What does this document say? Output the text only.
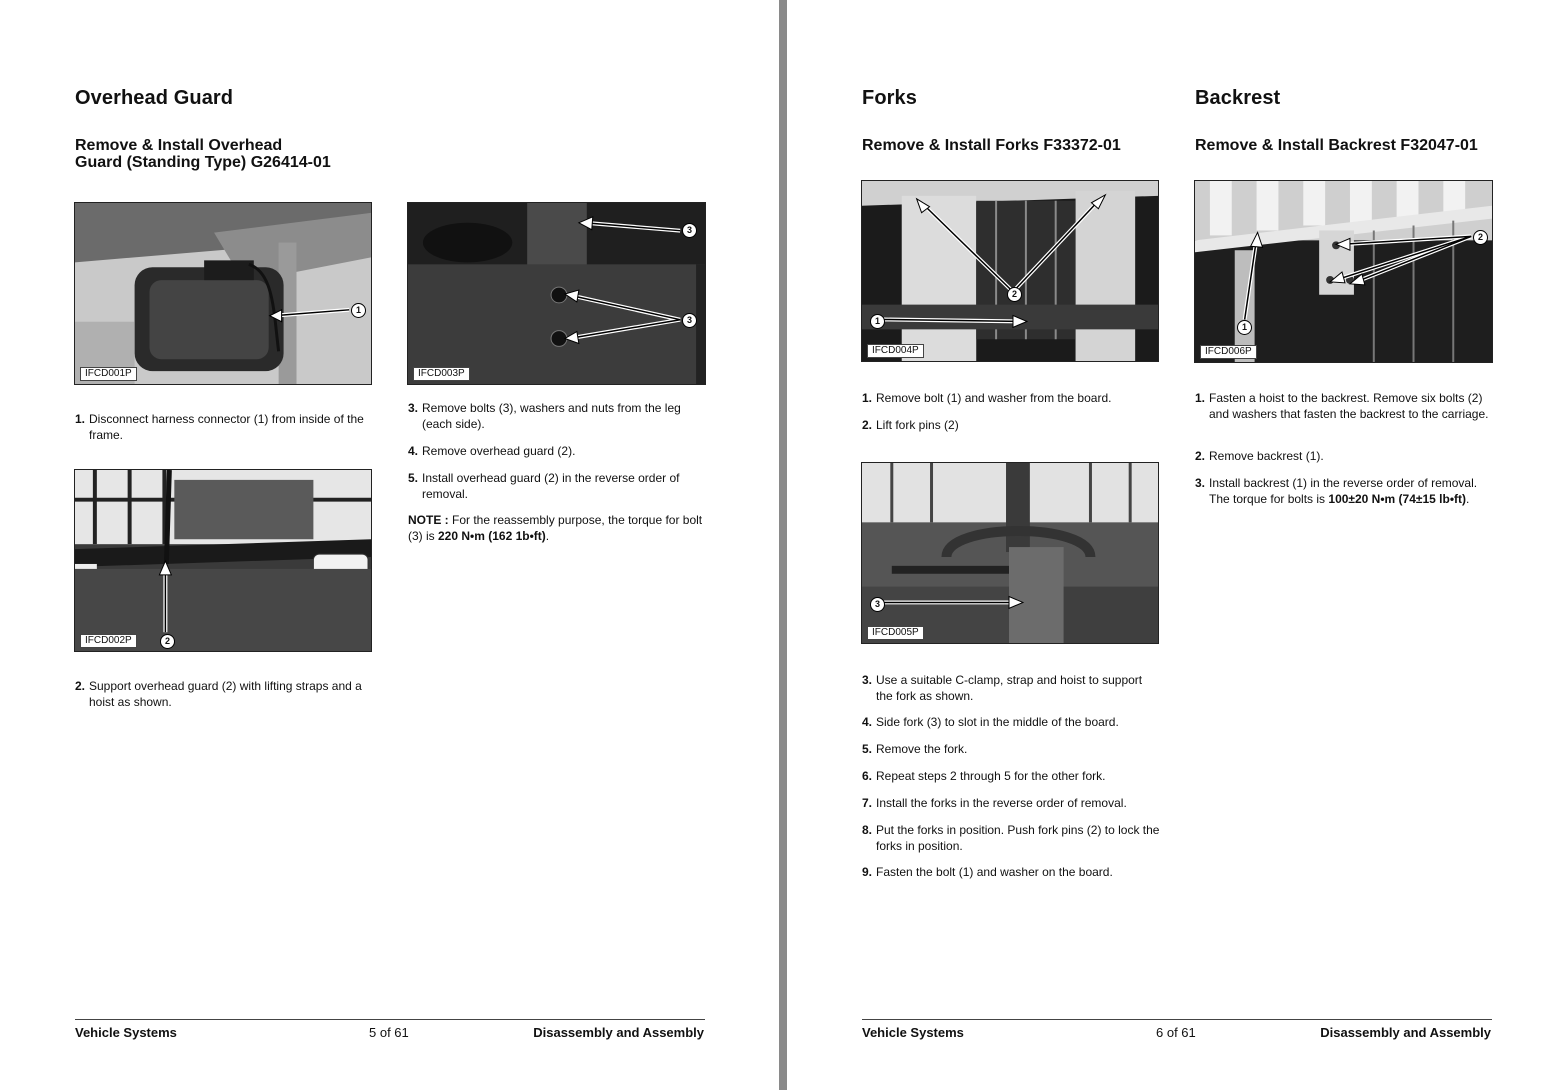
Overhead Guard
Remove & Install Overhead
Guard (Standing Type) G26414-01
1
IFCD001P
1. Disconnect harness connector (1) from inside of the frame.
2
IFCD002P
2. Support overhead guard (2) with lifting straps and a hoist as shown.
3
3
IFCD003P
3. Remove bolts (3), washers and nuts from the leg (each side).
4. Remove overhead guard (2).
5. Install overhead guard (2) in the reverse order of removal.
NOTE : For the reassembly purpose, the torque for bolt (3) is 220 N•m (162 1b•ft).
Vehicle Systems	5 of 61	Disassembly and Assembly
Forks
Remove & Install Forks F33372-01
2
1
IFCD004P
1. Remove bolt (1) and washer from the board.
2. Lift fork pins (2)
3
IFCD005P
3. Use a suitable C-clamp, strap and hoist to support the fork as shown.
4. Side fork (3) to slot in the middle of the board.
5. Remove the fork.
6. Repeat steps 2 through 5 for the other fork.
7. Install the forks in the reverse order of removal.
8. Put the forks in position. Push fork pins (2) to lock the forks in position.
9. Fasten the bolt (1) and washer on the board.
Backrest
Remove & Install Backrest F32047-01
2
1
IFCD006P
1. Fasten a hoist to the backrest. Remove six bolts (2) and washers that fasten the backrest to the carriage.
2. Remove backrest (1).
3. Install backrest (1) in the reverse order of removal. The torque for bolts is 100±20 N•m (74±15 lb•ft).
Vehicle Systems	6 of 61	Disassembly and Assembly
